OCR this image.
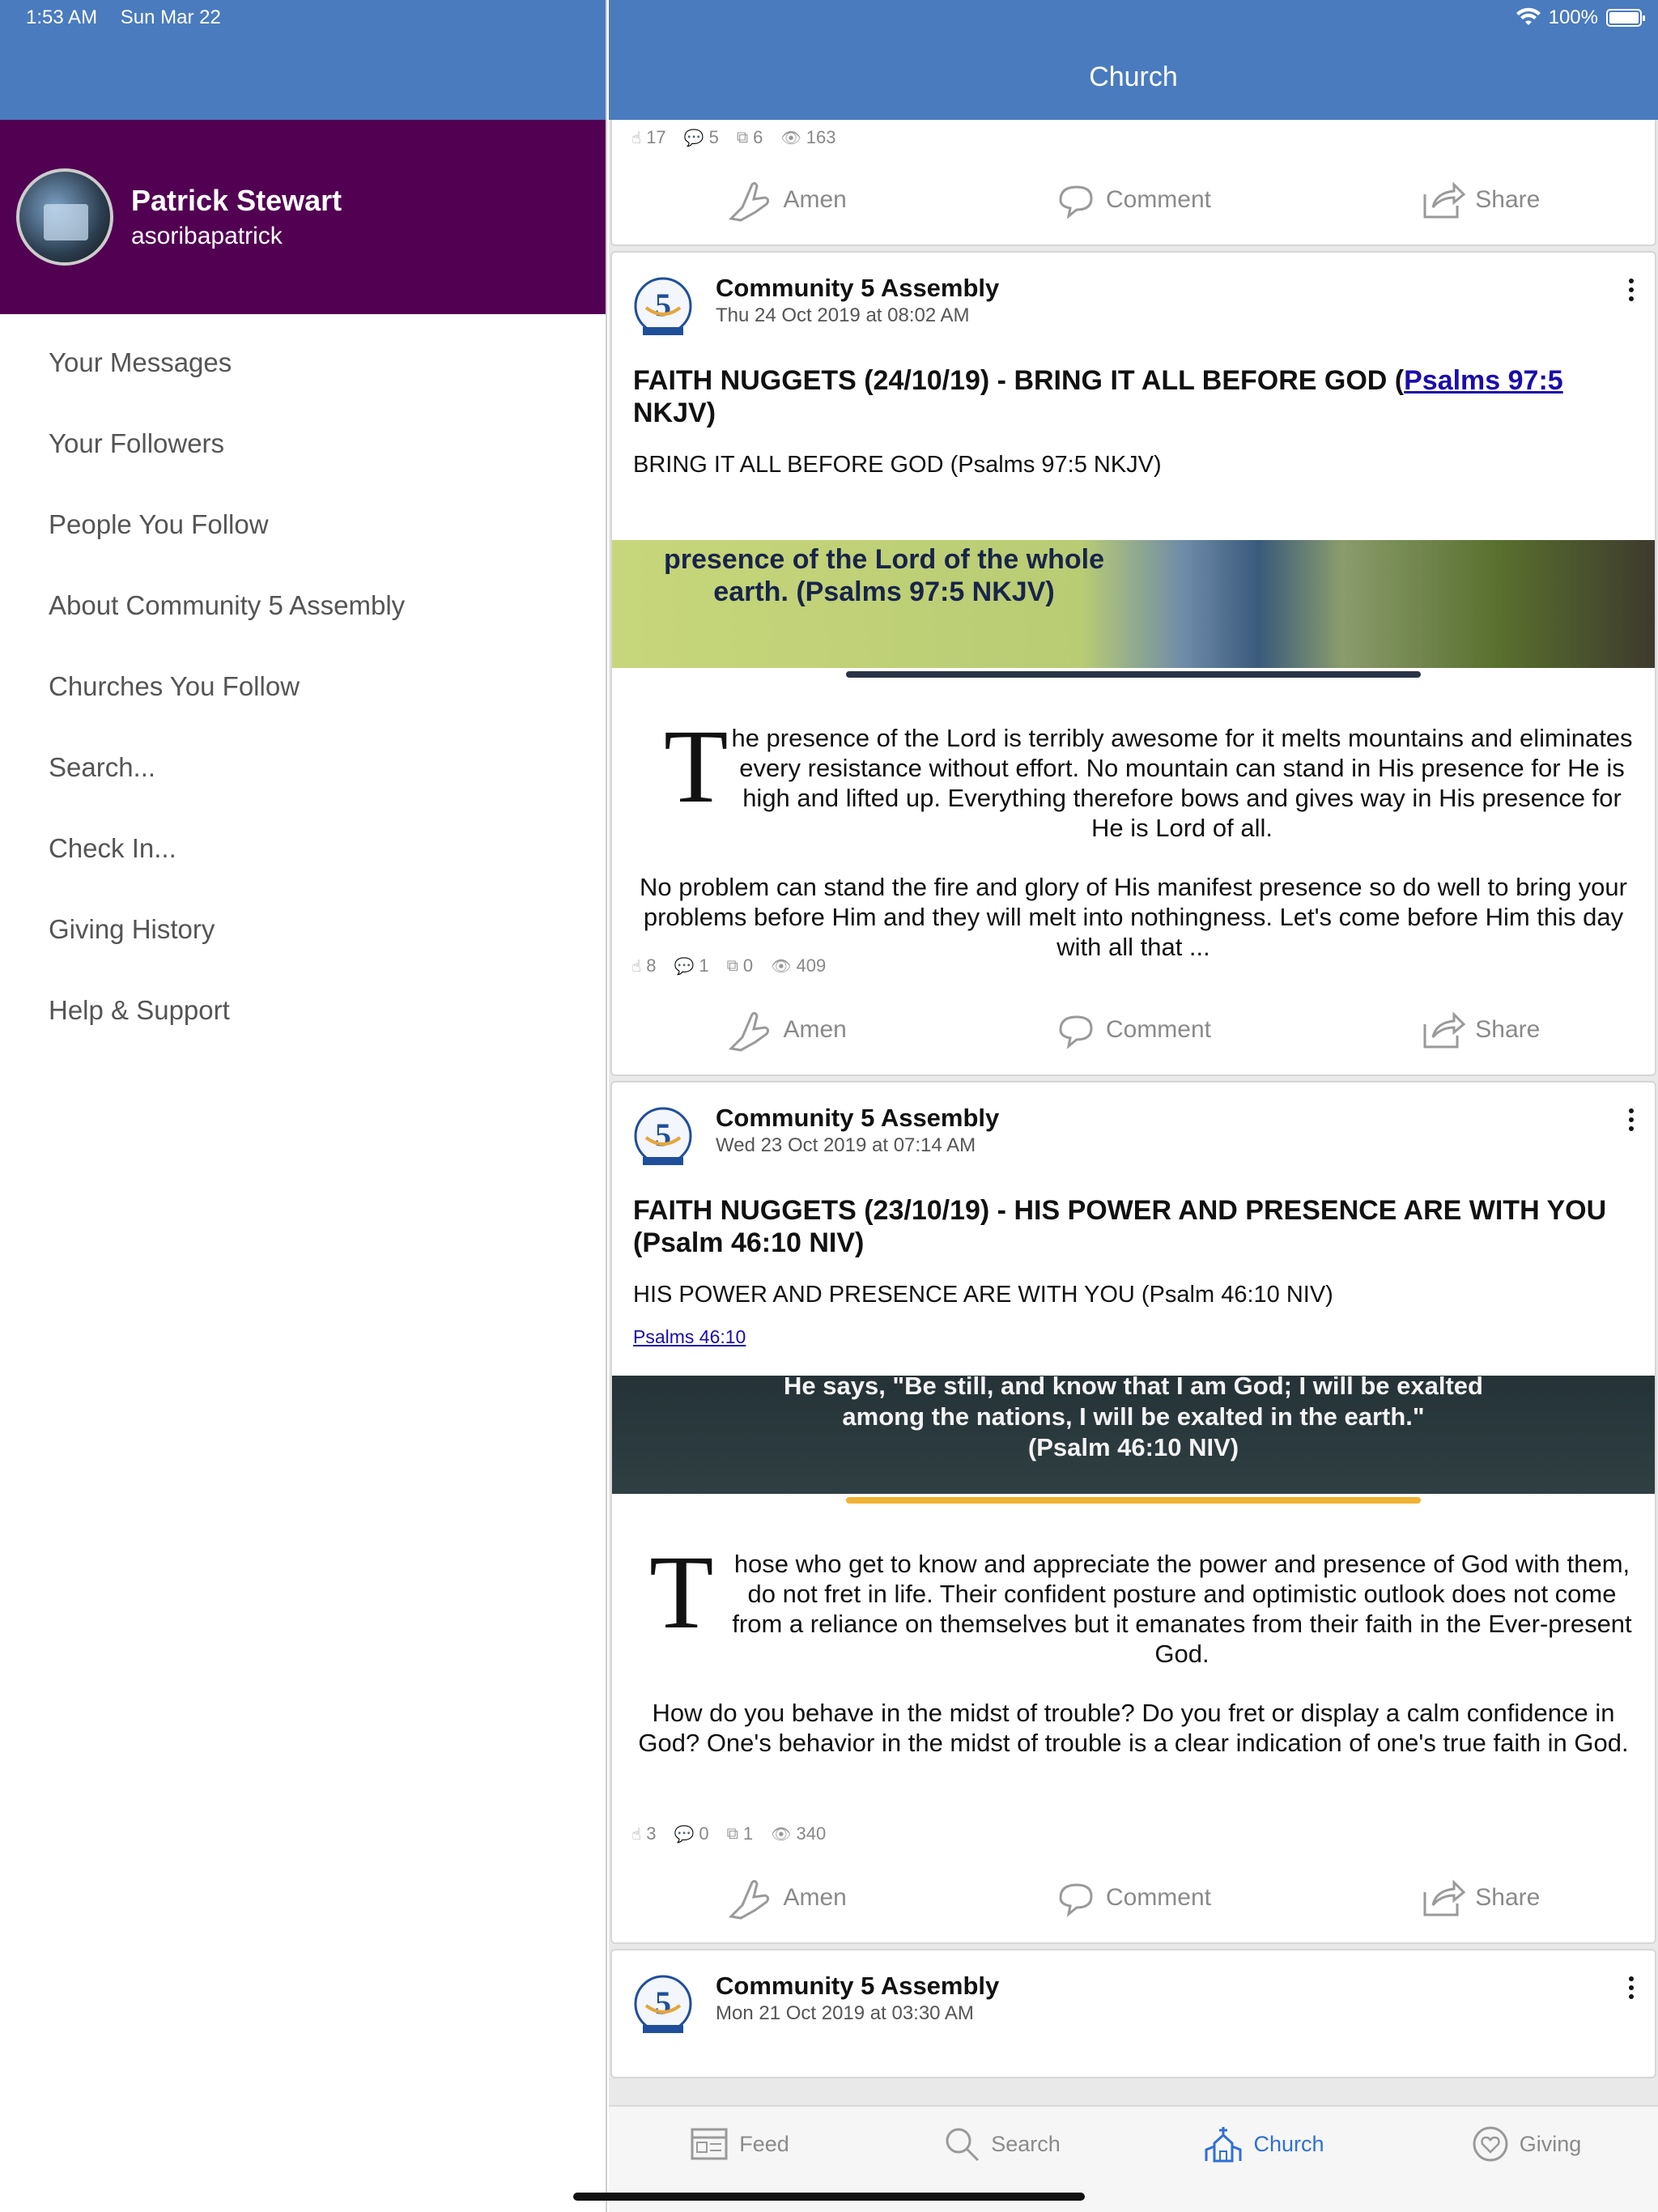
1:53 AM Sun Mar 22	100%
Patrick Stewart
asoribapatrick
Your Messages
Your Followers
People You Follow
About Community 5 Assembly
Churches You Follow
Search...
Check In...
Giving History
Help & Support
Church
☝ 17 💬 5 ⧉ 6 👁 163
Amen	Comment	Share
5 Community 5 Assembly
Thu 24 Oct 2019 at 08:02 AM
FAITH NUGGETS (24/10/19) - BRING IT ALL BEFORE GOD (Psalms 97:5 NKJV)
BRING IT ALL BEFORE GOD (Psalms 97:5 NKJV)
presence of the Lord of the whole earth. (Psalms 97:5 NKJV)
T he presence of the Lord is terribly awesome for it melts mountains and eliminates every resistance without effort. No mountain can stand in His presence for He is high and lifted up. Everything therefore bows and gives way in His presence for He is Lord of all.
No problem can stand the fire and glory of His manifest presence so do well to bring your problems before Him and they will melt into nothingness. Let's come before Him this day with all that ...
☝ 8 💬 1 ⧉ 0 👁 409
Amen	Comment	Share
5 Community 5 Assembly
Wed 23 Oct 2019 at 07:14 AM
FAITH NUGGETS (23/10/19) - HIS POWER AND PRESENCE ARE WITH YOU (Psalm 46:10 NIV)
HIS POWER AND PRESENCE ARE WITH YOU (Psalm 46:10 NIV)
Psalms 46:10
He says, "Be still, and know that I am God; I will be exalted
among the nations, I will be exalted in the earth."
(Psalm 46:10 NIV)
T hose who get to know and appreciate the power and presence of God with them, do not fret in life. Their confident posture and optimistic outlook does not come from a reliance on themselves but it emanates from their faith in the Ever-present God.
How do you behave in the midst of trouble? Do you fret or display a calm confidence in God? One's behavior in the midst of trouble is a clear indication of one's true faith in God.
☝ 3 💬 0 ⧉ 1 👁 340
Amen	Comment	Share
5 Community 5 Assembly
Mon 21 Oct 2019 at 03:30 AM
Feed	Search	Church	Giving
